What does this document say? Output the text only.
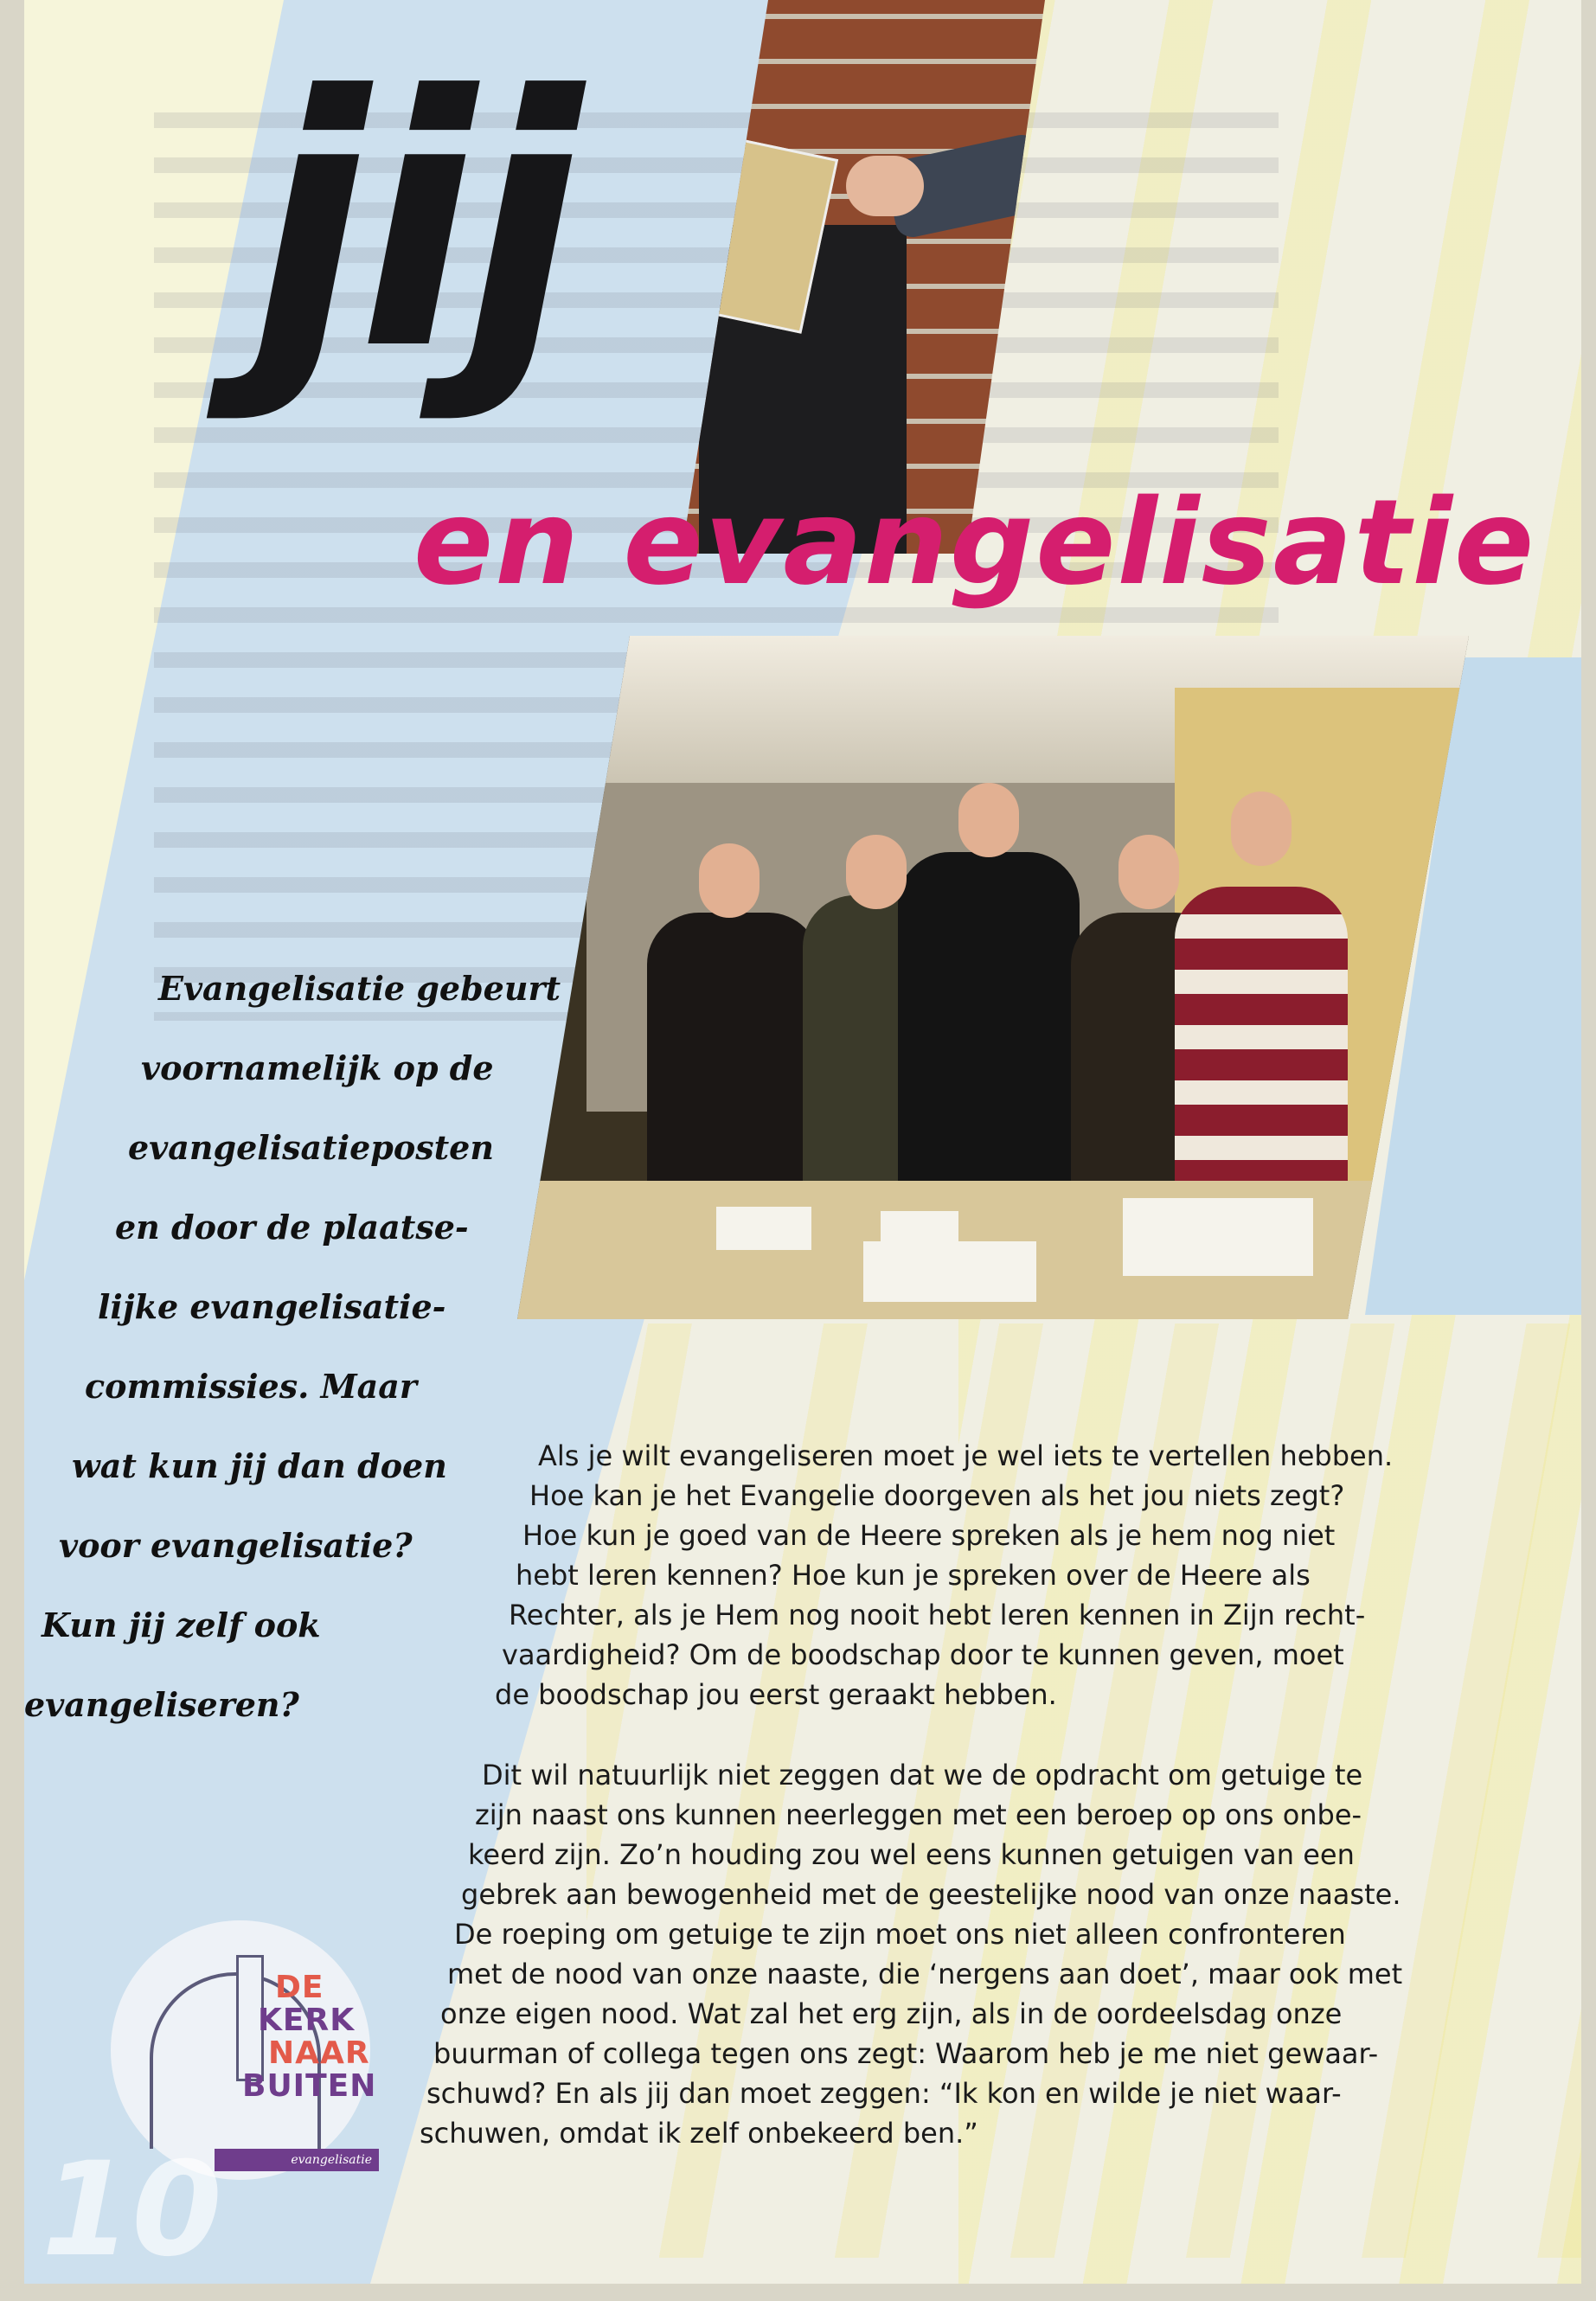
jij
en evangelisatie

Evangelisatie gebeurt

voornamelijk op de

evangelisatieposten

en door de plaatse-

lijke evangelisatie-

commissies. Maar

wat kun jij dan doen

voor evangelisatie?

Kun jij zelf ook

evangeliseren?

Als je wilt evangeliseren moet je wel iets te vertellen hebben.
Hoe kan je het Evangelie doorgeven als het jou niets zegt?
Hoe kun je goed van de Heere spreken als je hem nog niet
hebt leren kennen? Hoe kun je spreken over de Heere als
Rechter, als je Hem nog nooit hebt leren kennen in Zijn recht-
vaardigheid? Om de boodschap door te kunnen geven, moet
de boodschap jou eerst geraakt hebben.
Dit wil natuurlijk niet zeggen dat we de opdracht om getuige te
zijn naast ons kunnen neerleggen met een beroep op ons onbe-
keerd zijn. Zo’n houding zou wel eens kunnen getuigen van een
gebrek aan bewogenheid met de geestelijke nood van onze naaste.
De roeping om getuige te zijn moet ons niet alleen confronteren
met de nood van onze naaste, die ‘nergens aan doet’, maar ook met
onze eigen nood. Wat zal het erg zijn, als in de oordeelsdag onze
buurman of collega tegen ons zegt: Waarom heb je me niet gewaar-
schuwd? En als jij dan moet zeggen: “Ik kon en wilde je niet waar-
schuwen, omdat ik zelf onbekeerd ben.”
DE
KERK
NAAR
BUITEN
evangelisatie
10
